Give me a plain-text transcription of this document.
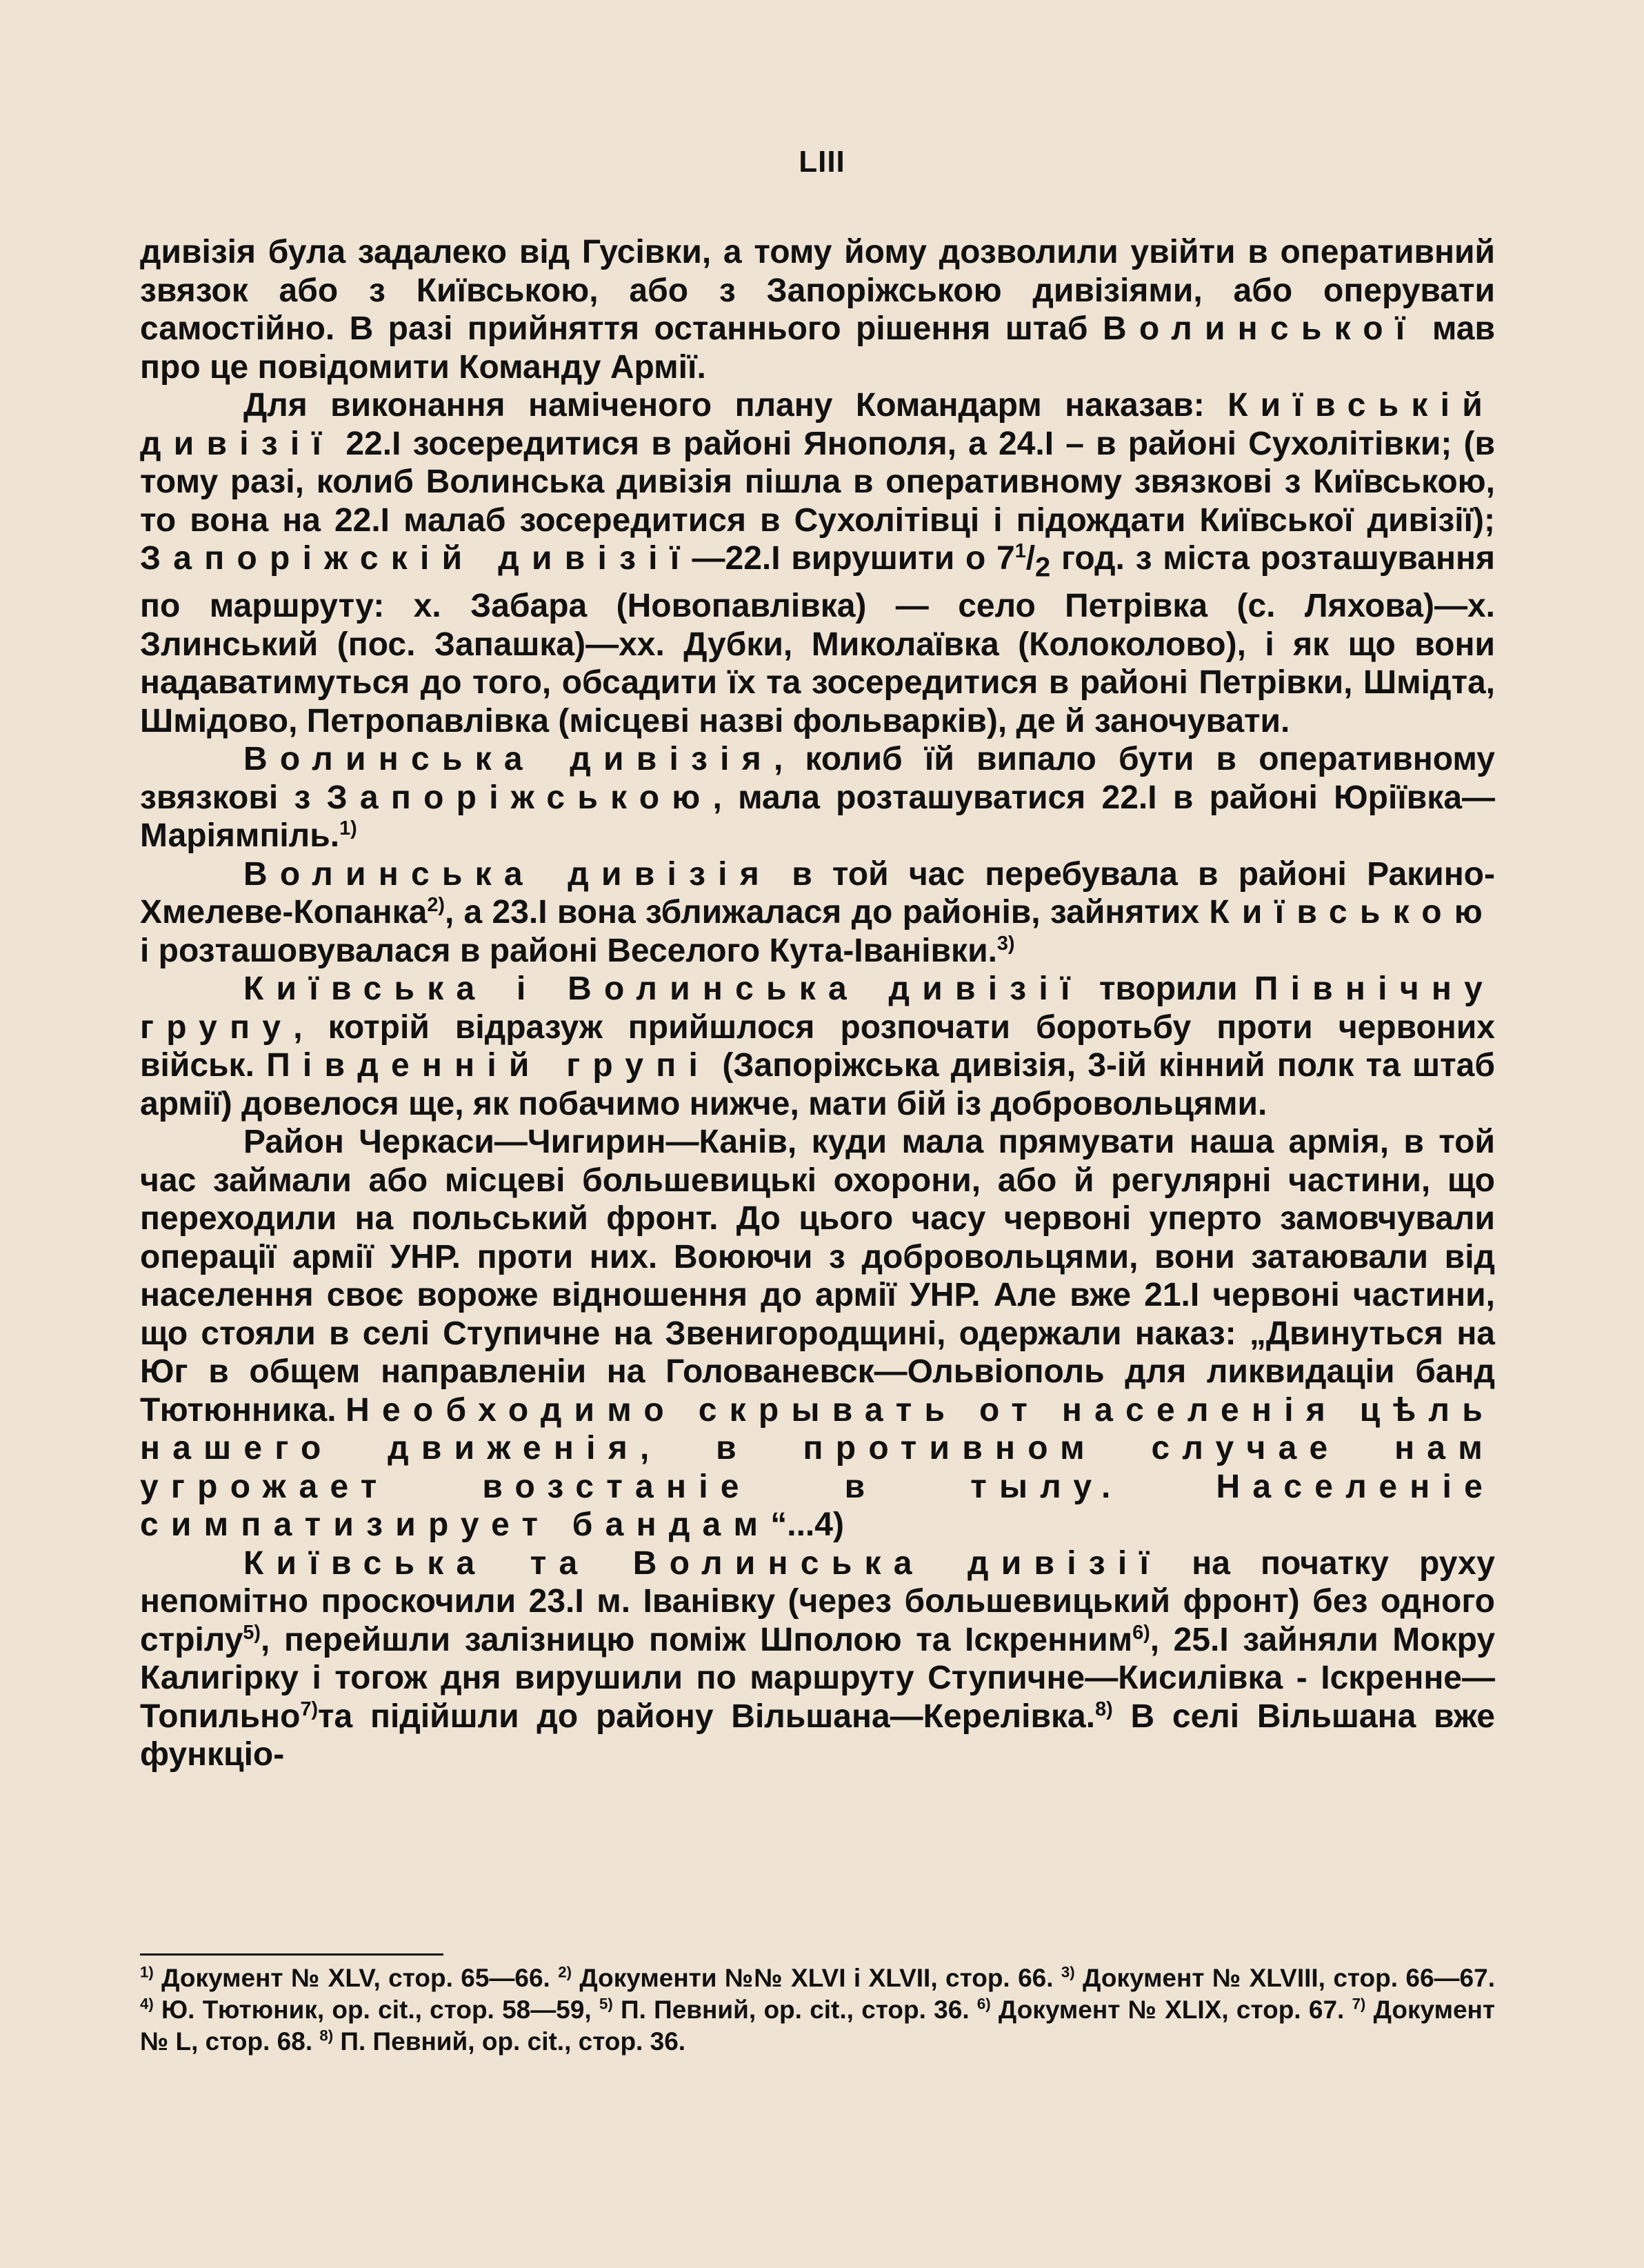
LIII

дивізія була задалеко від Гусівки, а тому йому дозволили увійти в оперативний звязок або з Київською, або з Запоріжською дивізіями, або оперувати самостійно. В разі прийняття останнього рішення штаб Волинської мав про це повідомити Команду Армії.

Для виконання наміченого плану Командарм наказав: Київській дивізії 22.I зосередитися в районі Янополя, а 24.I – в районі Сухолітівки; (в тому разі, колиб Волинська дивізія пішла в оперативному звязкові з Київською, то вона на 22.I малаб зосередитися в Сухолітівці і підождати Київської дивізії); Запоріжскій дивізії—22.I вирушити о $7^1/_2$ год. з міста розташування по маршруту: х. Забара (Новопавлівка) — село Петрівка (с. Ляхова)—х. Злинський (пос. Запашка)—хх. Дубки, Миколаївка (Колоколово), і як що вони надаватимуться до того, обсадити їх та зосередитися в районі Петрівки, Шмідта, Шмідово, Петропавлівка (місцеві назві фольварків), де й заночувати.

Волинська дивізія, колиб їй випало бути в оперативному звязкові з Запоріжською, мала розташуватися 22.I в районі Юріївка—Маріямпіль.$^{1)}$

Волинська дивізія в той час перебувала в районі Ракино-Хмелеве-Копанка$^{2)}$, а 23.I вона зближалася до районів, зайнятих Київською і розташовувалася в районі Веселого Кута-Іванівки.$^{3)}$

Київська і Волинська дивізії творили Північну групу, котрій відразуж прийшлося розпочати боротьбу проти червоних військ. Південній групі (Запоріжська дивізія, 3-ій кінний полк та штаб армії) довелося ще, як побачимо нижче, мати бій із добровольцями.

Район Черкаси—Чигирин—Канів, куди мала прямувати наша армія, в той час займали або місцеві большевицькі охорони, або й регулярні частини, що переходили на польський фронт. До цього часу червоні уперто замовчували операції армії УНР. проти них. Воюючи з добровольцями, вони затаювали від населення своє вороже відношення до армії УНР. Але вже 21.I червоні частини, що стояли в селі Ступичне на Звенигородщині, одержали наказ: „Двинуться на Юг в общем направленіи на Голованевск—Ольвіополь для ликвидаціи банд Тютюнника. Необходимо скрывать от населенія цѣль нашего движенія, в противном случае нам угрожает возстаніе в тылу. Населеніе симпатизирует бандам“...4)

Київська та Волинська дивізії на початку руху непомітно проскочили 23.I м. Іванівку (через большевицький фронт) без одного стрілу$^{5)}$, перейшли залізницю поміж Шполою та Іскренним$^{6)}$, 25.I зайняли Мокру Калигірку і тогож дня вирушили по маршруту Ступичне—Кисилівка - Іскренне—Топильно$^{7)}$та підійшли до району Вільшана—Керелівка.$^{8)}$ В селі Вільшана вже функціо-

$^{1)}$ Документ № XLV, стор. 65—66. $^{2)}$ Документи №№ XLVI і XLVII, стор. 66. $^{3)}$ Документ № XLVIII, стор. 66—67. $^{4)}$ Ю. Тютюник, op. cit., стор. 58—59, $^{5)}$ П. Певний, op. cit., стор. 36. $^{6)}$ Документ № XLIX, стор. 67. $^{7)}$ Документ № L, стор. 68. $^{8)}$ П. Певний, op. cit., стор. 36.
